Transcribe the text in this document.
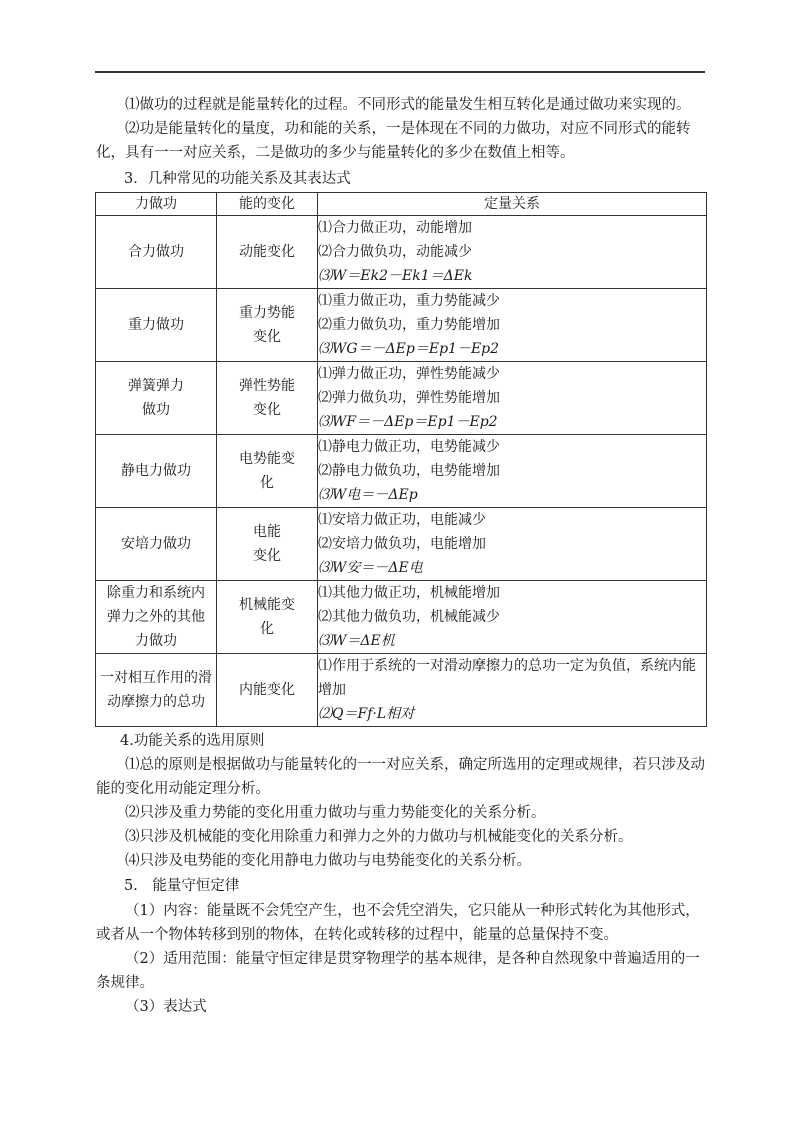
⑴做功的过程就是能量转化的过程。不同形式的能量发生相互转化是通过做功来实现的。

⑵功是能量转化的量度，功和能的关系，一是体现在不同的力做功，对应不同形式的能转化，具有一一对应关系，二是做功的多少与能量转化的多少在数值上相等。

3．几种常见的功能关系及其表达式

力做功	能的变化	定量关系
合力做功	动能变化	⑴合力做正功，动能增加
⑵合力做负功，动能减少
⑶W＝Ek2－Ek1＝ΔEk

重力做功	重力势能变化	⑴重力做正功，重力势能减少
⑵重力做负功，重力势能增加
⑶WG＝－ΔEp＝Ep1－Ep2

弹簧弹力做功	弹性势能变化	⑴弹力做正功，弹性势能减少
⑵弹力做负功，弹性势能增加
⑶WF＝－ΔEp＝Ep1－Ep2

静电力做功	电势能变化	⑴静电力做正功，电势能减少
⑵静电力做负功，电势能增加
⑶W电＝－ΔEp

安培力做功	电能变化	⑴安培力做正功，电能减少
⑵安培力做负功，电能增加
⑶W安＝－ΔE电

除重力和系统内弹力之外的其他力做功	机械能变化	⑴其他力做正功，机械能增加
⑵其他力做负功，机械能减少
⑶W＝ΔE机

一对相互作用的滑动摩擦力的总功	内能变化	⑴作用于系统的一对滑动摩擦力的总功一定为负值，系统内能增加
⑵Q＝Ff·L相对

4.功能关系的选用原则

⑴总的原则是根据做功与能量转化的一一对应关系，确定所选用的定理或规律，若只涉及动能的变化用动能定理分析。

⑵只涉及重力势能的变化用重力做功与重力势能变化的关系分析。

⑶只涉及机械能的变化用除重力和弹力之外的力做功与机械能变化的关系分析。

⑷只涉及电势能的变化用静电力做功与电势能变化的关系分析。

5.　能量守恒定律

（1）内容：能量既不会凭空产生，也不会凭空消失，它只能从一种形式转化为其他形式，或者从一个物体转移到别的物体，在转化或转移的过程中，能量的总量保持不变。

（2）适用范围：能量守恒定律是贯穿物理学的基本规律，是各种自然现象中普遍适用的一条规律。

（3）表达式
